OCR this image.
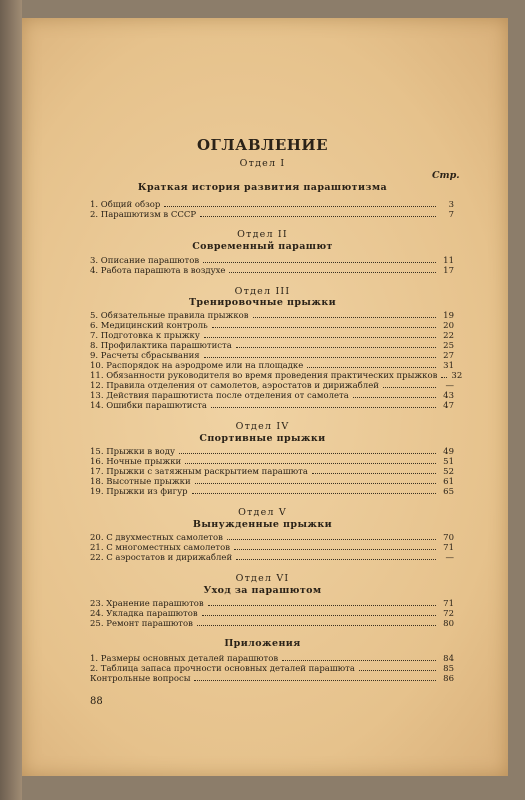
ОГЛАВЛЕНИЕ
Стр.
Отдел I
Краткая история развития парашютизма
1. Общий обзор	3
2. Парашютизм в СССР	7
Отдел II
Современный парашют
3. Описание парашютов	11
4. Работа парашюта в воздухе	17
Отдел III
Тренировочные прыжки
5. Обязательные правила прыжков	19
6. Медицинский контроль	20
7. Подготовка к прыжку	22
8. Профилактика парашютиста	25
9. Расчеты сбрасывания	27
10. Распорядок на аэродроме или на площадке	31
11. Обязанности руководителя во время проведения практических прыжков 32
12. Правила отделения от самолетов, аэростатов и дирижаблей	—
13. Действия парашютиста после отделения от самолета	43
14. Ошибки парашютиста	47
Отдел IV
Спортивные прыжки
15. Прыжки в воду	49
16. Ночные прыжки	51
17. Прыжки с затяжным раскрытием парашюта	52
18. Высотные прыжки	61
19. Прыжки из фигур	65
Отдел V
Вынужденные прыжки
20. С двухместных самолетов	70
21. С многоместных самолетов	71
22. С аэростатов и дирижаблей	—
Отдел VI
Уход за парашютом
23. Хранение парашютов	71
24. Укладка парашютов	72
25. Ремонт парашютов	80
Приложения
1. Размеры основных деталей парашютов	84
2. Таблица запаса прочности основных деталей парашюта	85
Контрольные вопросы	86
88
